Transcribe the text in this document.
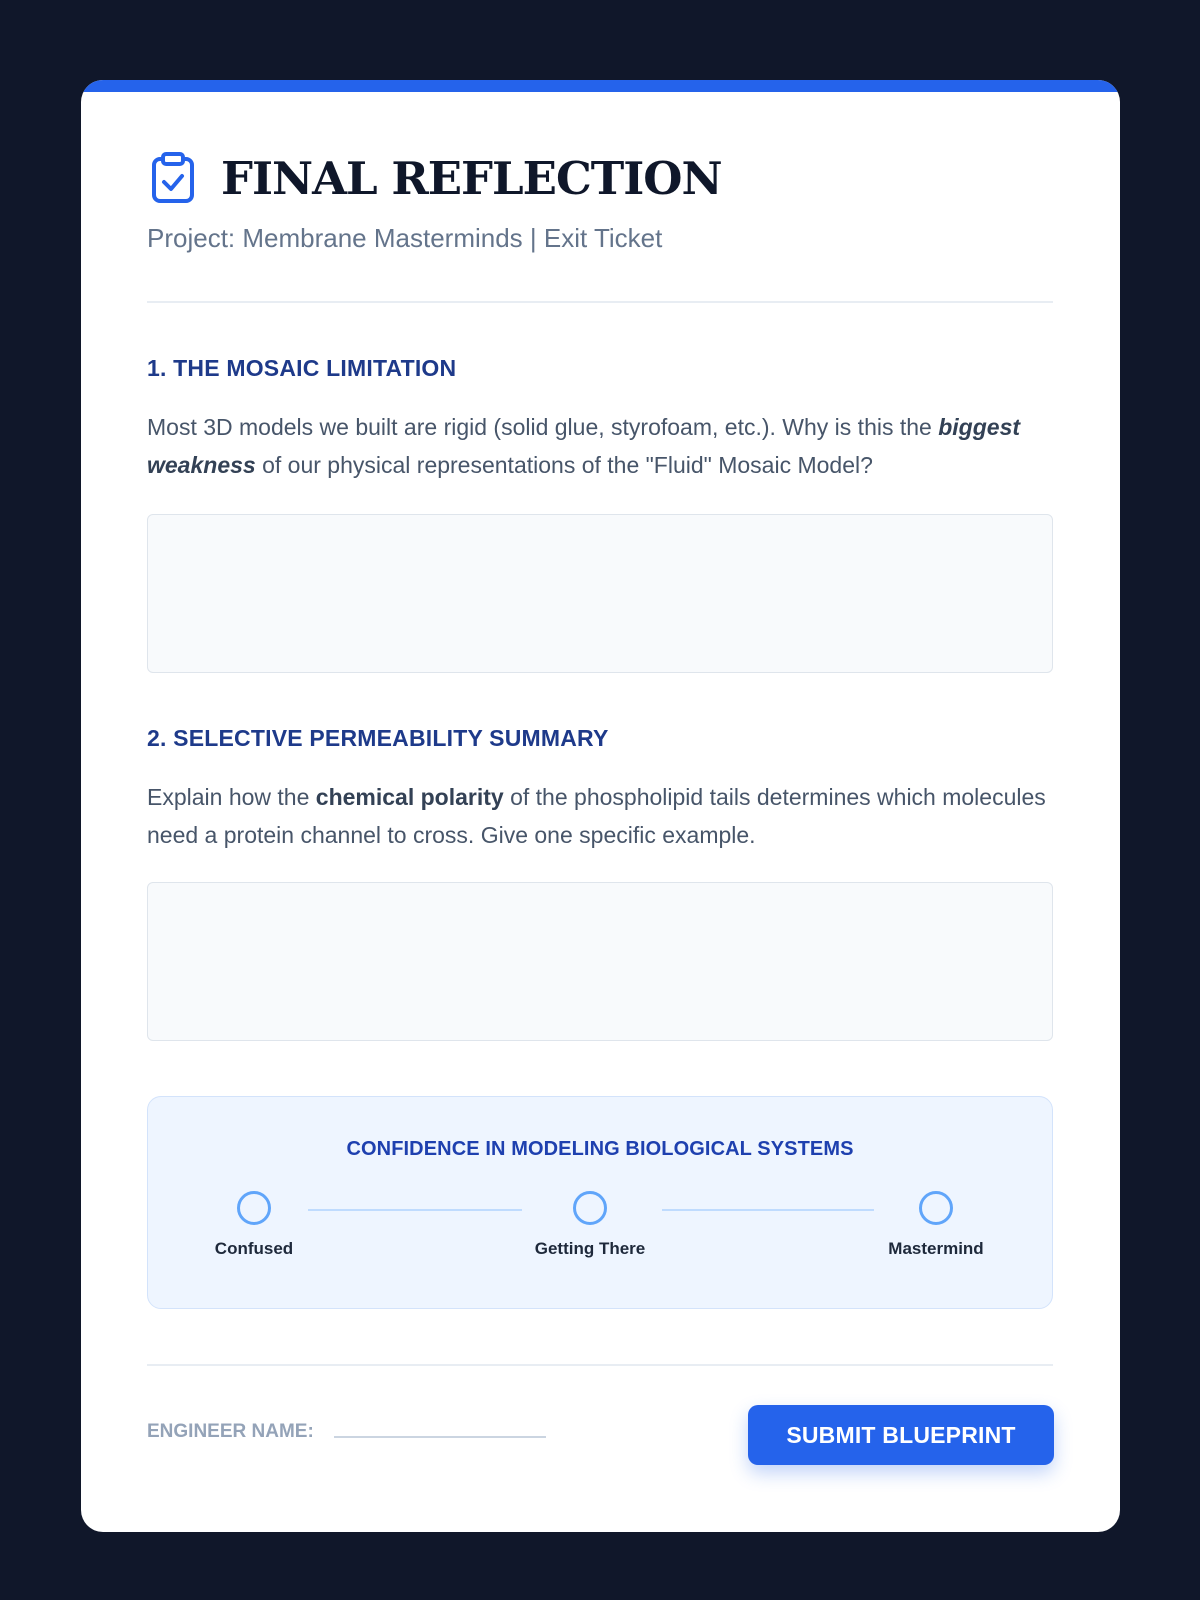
FINAL REFLECTION
Project: Membrane Masterminds | Exit Ticket
1. THE MOSAIC LIMITATION
Most 3D models we built are rigid (solid glue, styrofoam, etc.). Why is this the biggest weakness of our physical representations of the "Fluid" Mosaic Model?
2. SELECTIVE PERMEABILITY SUMMARY
Explain how the chemical polarity of the phospholipid tails determines which molecules need a protein channel to cross. Give one specific example.
CONFIDENCE IN MODELING BIOLOGICAL SYSTEMS
Confused	Getting There	Mastermind
ENGINEER NAME:	SUBMIT BLUEPRINT
